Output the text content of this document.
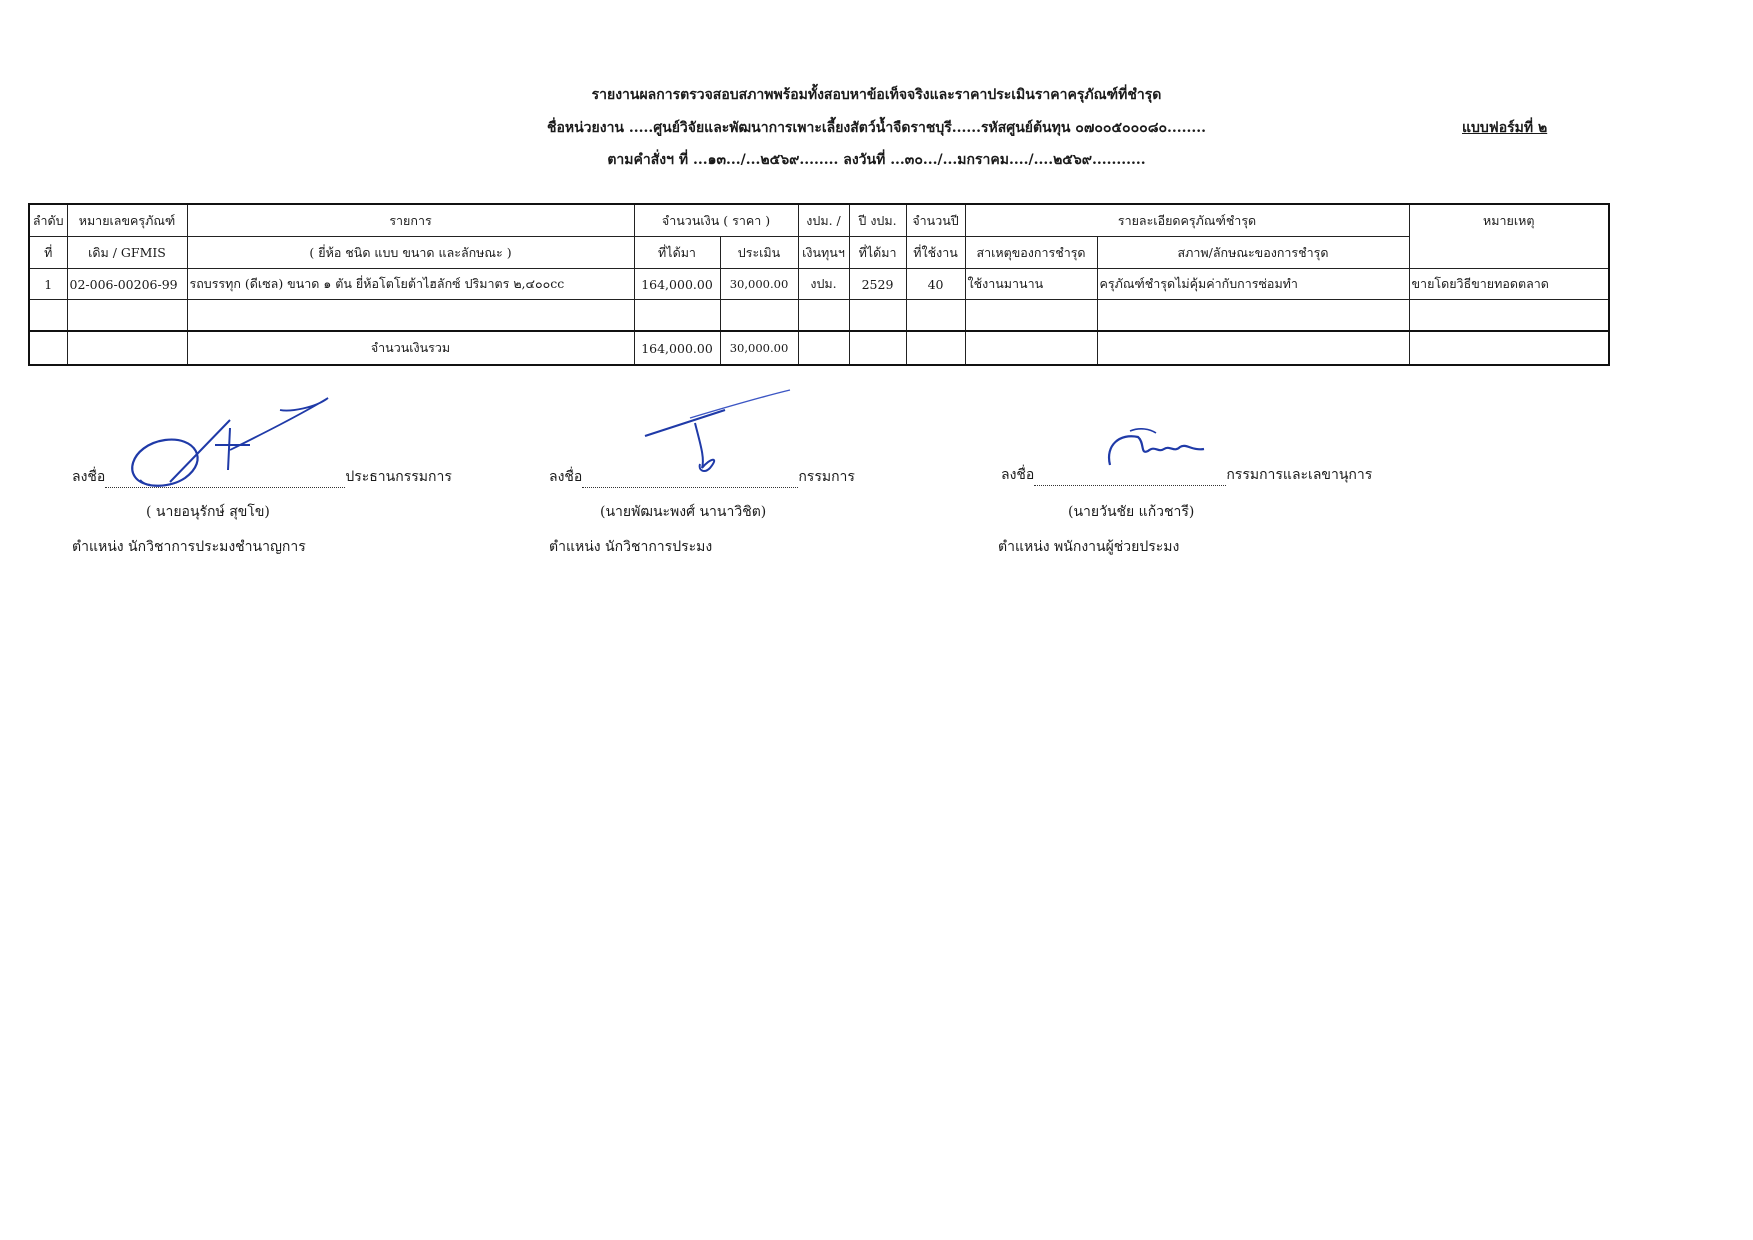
รายงานผลการตรวจสอบสภาพพร้อมทั้งสอบหาข้อเท็จจริงและราคาประเมินราคาครุภัณฑ์ที่ชำรุด
ชื่อหน่วยงาน .....ศูนย์วิจัยและพัฒนาการเพาะเลี้ยงสัตว์น้ำจืดราชบุรี......รหัสศูนย์ต้นทุน ๐๗๐๐๕๐๐๐๘๐........
ตามคำสั่งฯ ที่ ...๑๓.../...๒๕๖๙........ ลงวันที่ ...๓๐.../...มกราคม..../....๒๕๖๙...........
แบบฟอร์มที่ ๒
ลำดับ	หมายเลขครุภัณฑ์	รายการ	จำนวนเงิน ( ราคา )		งปม. /	ปี งปม.	จำนวนปี	รายละเอียดครุภัณฑ์ชำรุด		หมายเหตุ
ที่	เดิม / GFMIS	( ยี่ห้อ ชนิด แบบ ขนาด และลักษณะ )	ที่ได้มา	ประเมิน	เงินทุนฯ	ที่ได้มา	ที่ใช้งาน	สาเหตุของการชำรุด	สภาพ/ลักษณะของการชำรุด	
1	02-006-00206-99	รถบรรทุก (ดีเซล) ขนาด ๑ ตัน ยี่ห้อโตโยต้าไฮลักซ์ ปริมาตร ๒,๔๐๐cc	164,000.00	30,000.00	งปม.	2529	40	ใช้งานมานาน	ครุภัณฑ์ชำรุดไม่คุ้มค่ากับการซ่อมทำ	ขายโดยวิธีขายทอดตลาด

		จำนวนเงินรวม	164,000.00	30,000.00						
ลงชื่อ	ประธานกรรมการ
( นายอนุรักษ์ สุขโข)
ตำแหน่ง นักวิชาการประมงชำนาญการ
ลงชื่อ	กรรมการ
(นายพัฒนะพงศ์ นานาวิชิต)
ตำแหน่ง นักวิชาการประมง
ลงชื่อ	กรรมการและเลขานุการ
(นายวันชัย แก้วชารี)
ตำแหน่ง พนักงานผู้ช่วยประมง
